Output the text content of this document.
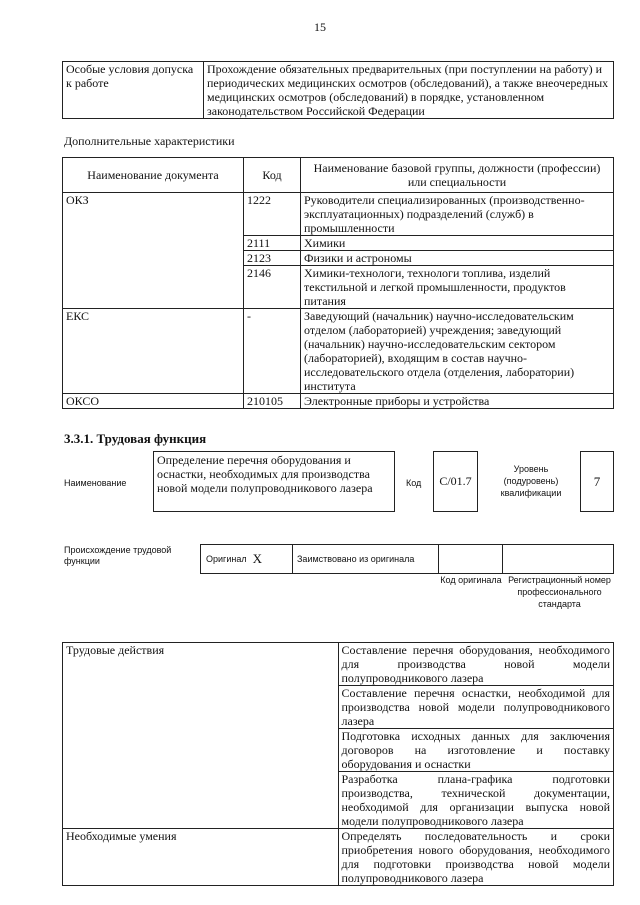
15
Особые условия допуска к работе	Прохождение обязательных предварительных (при поступлении на работу) и периодических медицинских осмотров (обследований), а также внеочередных медицинских осмотров (обследований) в порядке, установленном законодательством Российской Федерации
Дополнительные характеристики
Наименование документа	Код	Наименование базовой группы, должности (профессии) или специальности
ОКЗ	1222	Руководители специализированных (производственно-эксплуатационных) подразделений (служб) в промышленности
	2111	Химики
	2123	Физики и астрономы
	2146	Химики-технологи, технологи топлива, изделий текстильной и легкой промышленности, продуктов питания
ЕКС	-	Заведующий (начальник) научно-исследовательским отделом (лабораторией) учреждения; заведующий (начальник) научно-исследовательским сектором (лабораторией), входящим в состав научно-исследовательского отдела (отделения, лаборатории) института
ОКСО	210105	Электронные приборы и устройства
3.3.1. Трудовая функция
Наименование
Определение перечня оборудования и оснастки, необходимых для производства новой модели полупроводникового лазера	Код	C/01.7
Уровень (подуровень) квалификации
7
Происхождение трудовой функции	Оригинал X	Заимствовано из оригинала
Код оригинала Регистрационный номер профессионального стандарта
Трудовые действия	Составление перечня оборудования, необходимого для производства новой модели полупроводникового лазера
	Составление перечня оснастки, необходимой для производства новой модели полупроводникового лазера
	Подготовка исходных данных для заключения договоров на изготовление и поставку оборудования и оснастки
	Разработка плана-графика подготовки производства, технической документации, необходимой для организации выпуска новой модели полупроводникового лазера
Необходимые умения	Определять последовательность и сроки приобретения нового оборудования, необходимого для подготовки производства новой модели полупроводникового лазера
